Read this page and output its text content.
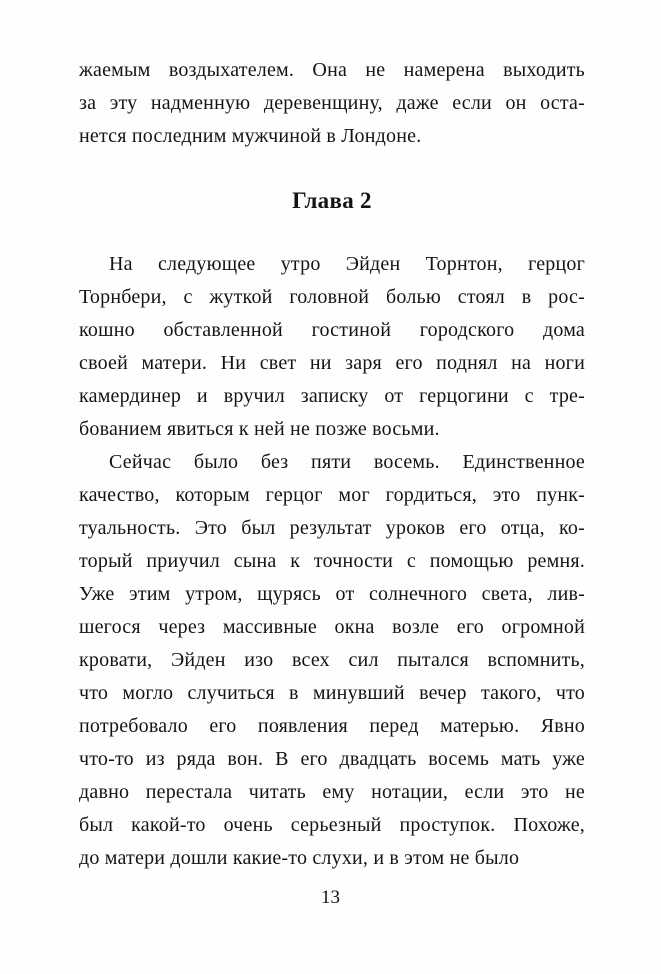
жаемым воздыхателем. Она не намерена выходить
за эту надменную деревенщину, даже если он оста-
нется последним мужчиной в Лондоне.
Глава 2
На следующее утро Эйден Торнтон, герцог
Торнбери, с жуткой головной болью стоял в рос-
кошно обставленной гостиной городского дома
своей матери. Ни свет ни заря его поднял на ноги
камердинер и вручил записку от герцогини с тре-
бованием явиться к ней не позже восьми.
Сейчас было без пяти восемь. Единственное
качество, которым герцог мог гордиться, это пунк-
туальность. Это был результат уроков его отца, ко-
торый приучил сына к точности с помощью ремня.
Уже этим утром, щурясь от солнечного света, лив-
шегося через массивные окна возле его огромной
кровати, Эйден изо всех сил пытался вспомнить,
что могло случиться в минувший вечер такого, что
потребовало его появления перед матерью. Явно
что-то из ряда вон. В его двадцать восемь мать уже
давно перестала читать ему нотации, если это не
был какой-то очень серьезный проступок. Похоже,
до матери дошли какие-то слухи, и в этом не было
13
